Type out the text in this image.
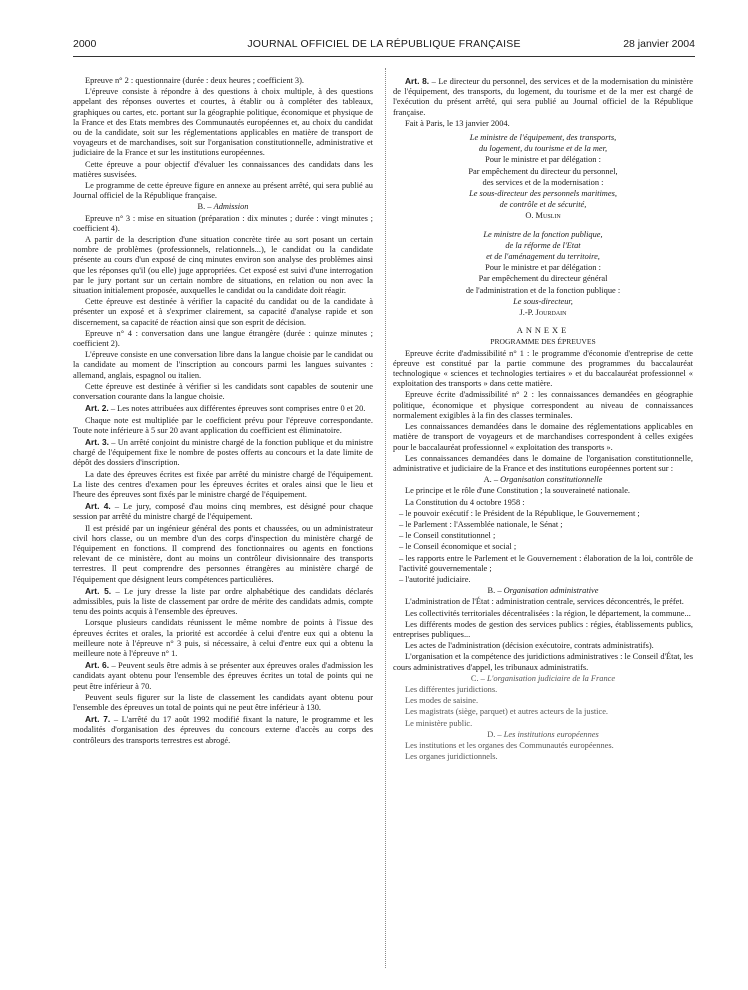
2000	JOURNAL OFFICIEL DE LA RÉPUBLIQUE FRANÇAISE	28 janvier 2004

Epreuve n° 2 : questionnaire (durée : deux heures ; coefficient 3).

L'épreuve consiste à répondre à des questions à choix multiple, à des questions appelant des réponses ouvertes et courtes, à établir ou à compléter des tableaux, graphiques ou cartes, etc. portant sur la géographie politique, économique et physique de la France et des Etats membres des Communautés européennes et, au choix du candidat ou de la candidate, soit sur les réglementations applicables en matière de transport de voyageurs et de marchandises, soit sur l'organisation constitutionnelle, administrative et judiciaire de la France et sur les institutions européennes.

Cette épreuve a pour objectif d'évaluer les connaissances des candidats dans les matières susvisées.

Le programme de cette épreuve figure en annexe au présent arrêté, qui sera publié au Journal officiel de la République française.

B. – Admission

Epreuve n° 3 : mise en situation (préparation : dix minutes ; durée : vingt minutes ; coefficient 4).

A partir de la description d'une situation concrète tirée au sort posant un certain nombre de problèmes (professionnels, relationnels...), le candidat ou la candidate présente au cours d'un exposé de cinq minutes environ son analyse des problèmes ainsi que les réponses qu'il (ou elle) juge appropriées. Cet exposé est suivi d'une interrogation par le jury portant sur un certain nombre de situations, en relation ou non avec la situation initialement proposée, auxquelles le candidat ou la candidate doit réagir.

Cette épreuve est destinée à vérifier la capacité du candidat ou de la candidate à présenter un exposé et à s'exprimer clairement, sa capacité d'analyse rapide et son discernement, sa capacité de réaction ainsi que son esprit de décision.

Epreuve n° 4 : conversation dans une langue étrangère (durée : quinze minutes ; coefficient 2).

L'épreuve consiste en une conversation libre dans la langue choisie par le candidat ou la candidate au moment de l'inscription au concours parmi les langues suivantes : allemand, anglais, espagnol ou italien.

Cette épreuve est destinée à vérifier si les candidats sont capables de soutenir une conversation courante dans la langue choisie.

Art. 2. – Les notes attribuées aux différentes épreuves sont comprises entre 0 et 20.

Chaque note est multipliée par le coefficient prévu pour l'épreuve correspondante. Toute note inférieure à 5 sur 20 avant application du coefficient est éliminatoire.

Art. 3. – Un arrêté conjoint du ministre chargé de la fonction publique et du ministre chargé de l'équipement fixe le nombre de postes offerts au concours et la date limite de dépôt des dossiers d'inscription.

La date des épreuves écrites est fixée par arrêté du ministre chargé de l'équipement. La liste des centres d'examen pour les épreuves écrites et orales ainsi que le lieu et l'heure des épreuves sont fixés par le ministre chargé de l'équipement.

Art. 4. – Le jury, composé d'au moins cinq membres, est désigné pour chaque session par arrêté du ministre chargé de l'équipement.

Il est présidé par un ingénieur général des ponts et chaussées, ou un administrateur civil hors classe, ou un membre d'un des corps d'inspection du ministère chargé de l'équipement en fonctions. Il comprend des fonctionnaires ou agents en fonctions relevant de ce ministère, dont au moins un contrôleur divisionnaire des transports terrestres. Il peut comprendre des personnes étrangères au ministère chargé de l'équipement que désignent leurs compétences particulières.

Art. 5. – Le jury dresse la liste par ordre alphabétique des candidats déclarés admissibles, puis la liste de classement par ordre de mérite des candidats admis, compte tenu des points acquis à l'ensemble des épreuves.

Lorsque plusieurs candidats réunissent le même nombre de points à l'issue des épreuves écrites et orales, la priorité est accordée à celui d'entre eux qui a obtenu la meilleure note à l'épreuve n° 3 puis, si nécessaire, à celui d'entre eux qui a obtenu la meilleure note à l'épreuve n° 1.

Art. 6. – Peuvent seuls être admis à se présenter aux épreuves orales d'admission les candidats ayant obtenu pour l'ensemble des épreuves écrites un total de points qui ne peut être inférieur à 70.

Peuvent seuls figurer sur la liste de classement les candidats ayant obtenu pour l'ensemble des épreuves un total de points qui ne peut être inférieur à 130.

Art. 7. – L'arrêté du 17 août 1992 modifié fixant la nature, le programme et les modalités d'organisation des épreuves du concours externe d'accès au corps des contrôleurs des transports terrestres est abrogé.

Art. 8. – Le directeur du personnel, des services et de la modernisation du ministère de l'équipement, des transports, du logement, du tourisme et de la mer est chargé de l'exécution du présent arrêté, qui sera publié au Journal officiel de la République française.

Fait à Paris, le 13 janvier 2004.

Le ministre de l'équipement, des transports,

du logement, du tourisme et de la mer,

Pour le ministre et par délégation :

Par empêchement du directeur du personnel,

des services et de la modernisation :

Le sous-directeur des personnels maritimes,

de contrôle et de sécurité,

O. Muslin

Le ministre de la fonction publique,

de la réforme de l'Etat

et de l'aménagement du territoire,

Pour le ministre et par délégation :

Par empêchement du directeur général

de l'administration et de la fonction publique :

Le sous-directeur,

J.-P. Jourdain

ANNEXE

PROGRAMME DES ÉPREUVES

Epreuve écrite d'admissibilité n° 1 : le programme d'économie d'entreprise de cette épreuve est constitué par la partie commune des programmes du baccalauréat technologique « sciences et technologies tertiaires » et du baccalauréat professionnel « exploitation des transports » dans cette matière.

Epreuve écrite d'admissibilité n° 2 : les connaissances demandées en géographie politique, économique et physique correspondent au niveau de connaissances normalement exigibles à la fin des classes terminales.

Les connaissances demandées dans le domaine des réglementations applicables en matière de transport de voyageurs et de marchandises correspondent à celles exigées pour le baccalauréat professionnel « exploitation des transports ».

Les connaissances demandées dans le domaine de l'organisation constitutionnelle, administrative et judiciaire de la France et des institutions européennes portent sur :

A. – Organisation constitutionnelle

Le principe et le rôle d'une Constitution ; la souveraineté nationale.

La Constitution du 4 octobre 1958 :

– le pouvoir exécutif : le Président de la République, le Gouvernement ;

– le Parlement : l'Assemblée nationale, le Sénat ;

– le Conseil constitutionnel ;

– le Conseil économique et social ;

– les rapports entre le Parlement et le Gouvernement : élaboration de la loi, contrôle de l'activité gouvernementale ;

– l'autorité judiciaire.

B. – Organisation administrative

L'administration de l'État : administration centrale, services déconcentrés, le préfet.

Les collectivités territoriales décentralisées : la région, le département, la commune...

Les différents modes de gestion des services publics : régies, établissements publics, entreprises publiques...

Les actes de l'administration (décision exécutoire, contrats administratifs).

L'organisation et la compétence des juridictions administratives : le Conseil d'État, les cours administratives d'appel, les tribunaux administratifs.

C. – L'organisation judiciaire de la France

Les différentes juridictions.

Les modes de saisine.

Les magistrats (siège, parquet) et autres acteurs de la justice.

Le ministère public.

D. – Les institutions européennes

Les institutions et les organes des Communautés européennes.

Les organes juridictionnels.
